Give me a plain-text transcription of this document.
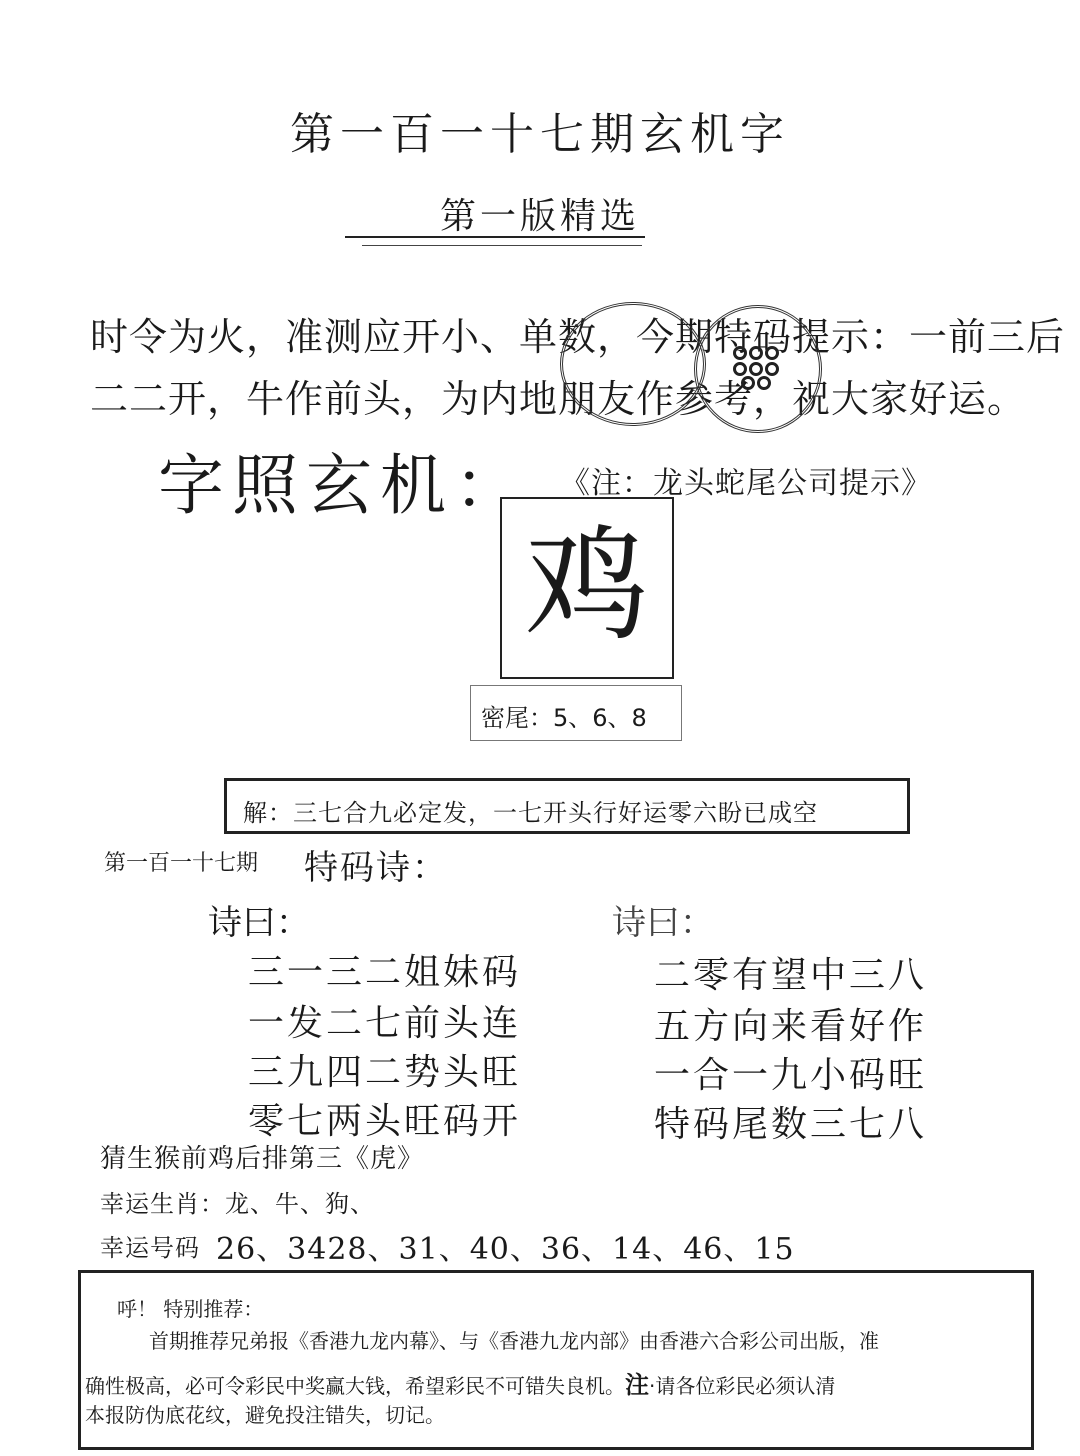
第一百一十七期玄机字
第一版精选
时令为火，准测应开小、单数，今期特码提示：一前三后
二二开，牛作前头，为内地朋友作参考，祝大家好运。
字照玄机： 《注：龙头蛇尾公司提示》
鸡
密尾：5、6、8
解：三七合九必定发，一七开头行好运零六盼已成空
第一百一十七期 特码诗：
诗曰：	诗曰：
三一三二姐妹码
一发二七前头连
三九四二势头旺
零七两头旺码开
二零有望中三八
五方向来看好作
一合一九小码旺
特码尾数三七八
猜生猴前鸡后排第三《虎》
幸运生肖：龙、牛、狗、
幸运号码 26、3428、31、40、36、14、46、15
呼！ 特别推荐：
首期推荐兄弟报《香港九龙内幕》、与《香港九龙内部》由香港六合彩公司出版，准
确性极高，必可令彩民中奖赢大钱，希望彩民不可错失良机。注·请各位彩民必须认清
本报防伪底花纹，避免投注错失，切记。
